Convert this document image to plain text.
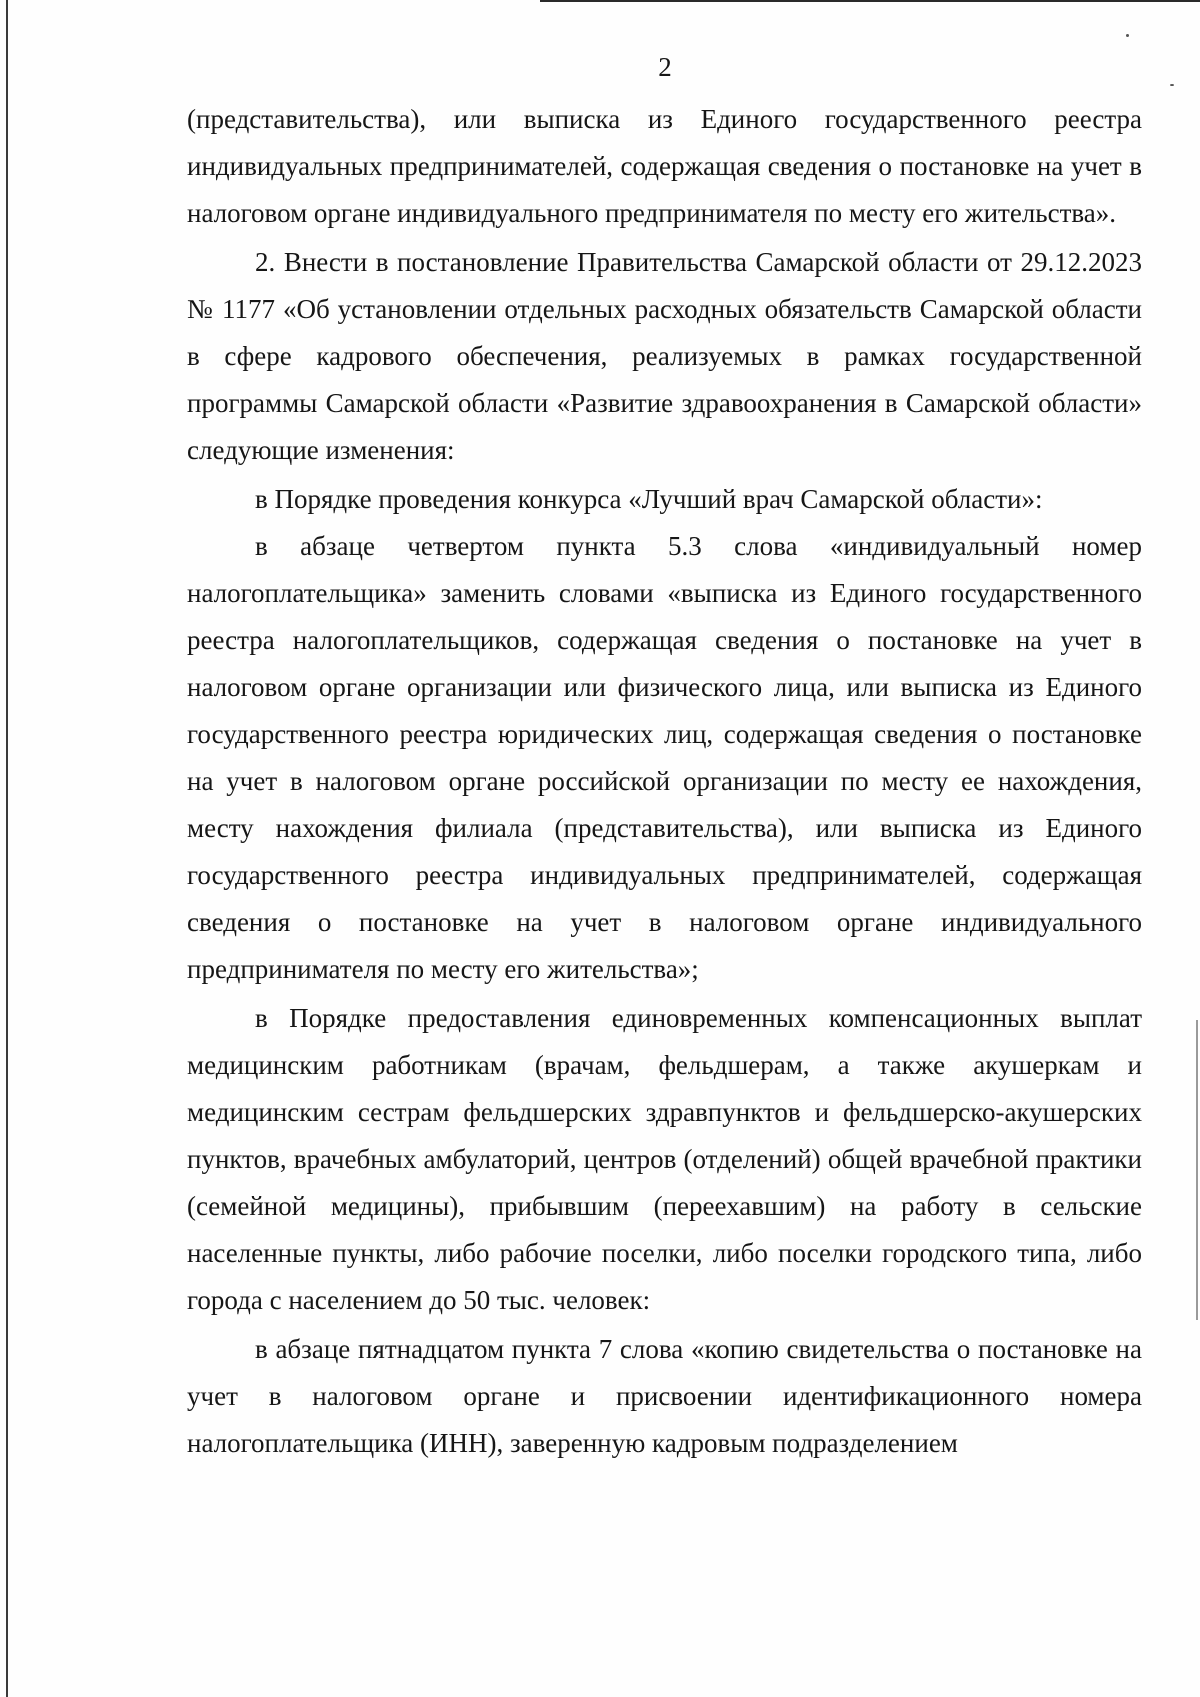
2

(представительства), или выписка из Единого государственного реестра индивидуальных предпринимателей, содержащая сведения о постановке на учет в налоговом органе индивидуального предпринимателя по месту его жительства».

2. Внести в постановление Правительства Самарской области от 29.12.2023 № 1177 «Об установлении отдельных расходных обязательств Самарской области в сфере кадрового обеспечения, реализуемых в рамках государственной программы Самарской области «Развитие здравоохранения в Самарской области» следующие изменения:

в Порядке проведения конкурса «Лучший врач Самарской области»:

в абзаце четвертом пункта 5.3 слова «индивидуальный номер налогоплательщика» заменить словами «выписка из Единого государственного реестра налогоплательщиков, содержащая сведения о постановке на учет в налоговом органе организации или физического лица, или выписка из Единого государственного реестра юридических лиц, содержащая сведения о постановке на учет в налоговом органе российской организации по месту ее нахождения, месту нахождения филиала (представительства), или выписка из Единого государственного реестра индивидуальных предпринимателей, содержащая сведения о постановке на учет в налоговом органе индивидуального предпринимателя по месту его жительства»;

в Порядке предоставления единовременных компенсационных выплат медицинским работникам (врачам, фельдшерам, а также акушеркам и медицинским сестрам фельдшерских здравпунктов и фельдшерско-акушерских пунктов, врачебных амбулаторий, центров (отделений) общей врачебной практики (семейной медицины), прибывшим (переехавшим) на работу в сельские населенные пункты, либо рабочие поселки, либо поселки городского типа, либо города с населением до 50 тыс. человек:

в абзаце пятнадцатом пункта 7 слова «копию свидетельства о постановке на учет в налоговом органе и присвоении идентификационного номера налогоплательщика (ИНН), заверенную кадровым подразделением
